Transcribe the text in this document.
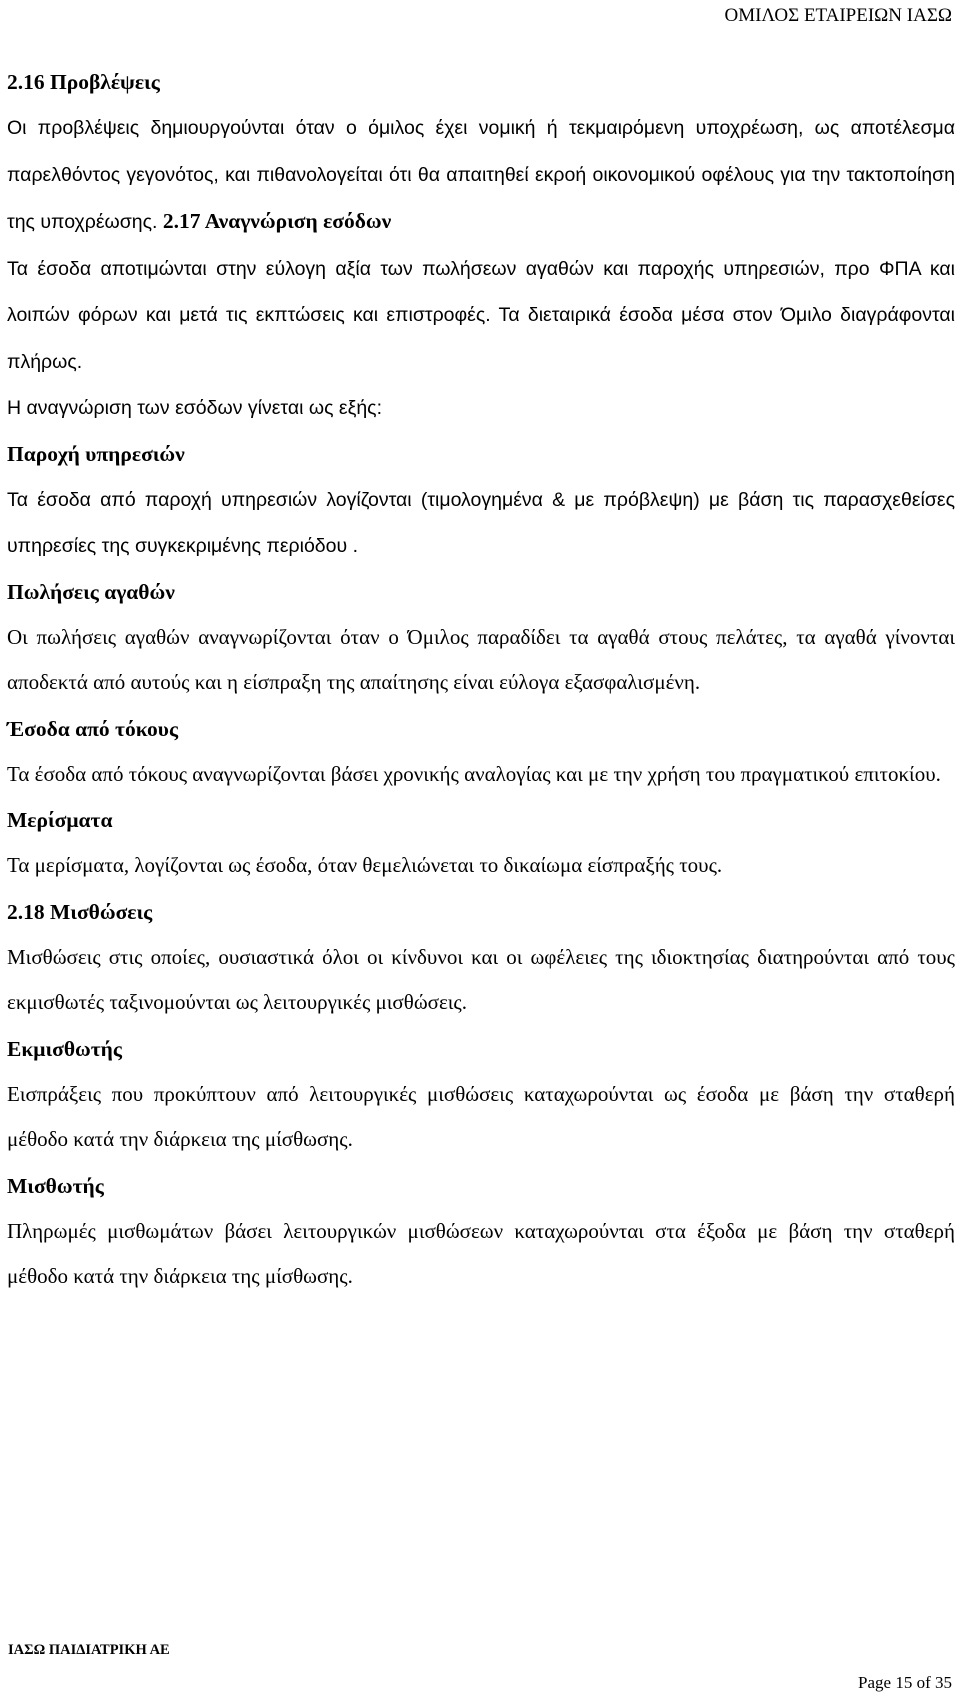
ΟΜΙΛΟΣ ΕΤΑΙΡΕΙΩΝ ΙΑΣΩ
2.16 Προβλέψεις
Οι προβλέψεις δημιουργούνται όταν ο όμιλος έχει νομική ή τεκμαιρόμενη υποχρέωση, ως αποτέλεσμα παρελθόντος γεγονότος, και πιθανολογείται ότι θα απαιτηθεί εκροή οικονομικού οφέλους για την τακτοποίηση της υποχρέωσης. 2.17 Αναγνώριση εσόδων
Τα έσοδα αποτιμώνται στην εύλογη αξία των πωλήσεων αγαθών και παροχής υπηρεσιών, προ ΦΠΑ και λοιπών φόρων και μετά τις εκπτώσεις και επιστροφές. Τα διεταιρικά έσοδα μέσα στον Όμιλο διαγράφονται πλήρως.
Η αναγνώριση των εσόδων γίνεται ως εξής:
Παροχή υπηρεσιών
Τα έσοδα από παροχή υπηρεσιών λογίζονται (τιμολογημένα & με πρόβλεψη) με βάση τις παρασχεθείσες υπηρεσίες της συγκεκριμένης περιόδου .
Πωλήσεις αγαθών
Οι πωλήσεις αγαθών αναγνωρίζονται όταν ο Όμιλος παραδίδει τα αγαθά στους πελάτες, τα αγαθά γίνονται αποδεκτά από αυτούς και η είσπραξη της απαίτησης είναι εύλογα εξασφαλισμένη.
Έσοδα από τόκους
Τα έσοδα από τόκους αναγνωρίζονται βάσει χρονικής αναλογίας και με την χρήση του πραγματικού επιτοκίου.
Μερίσματα
Τα μερίσματα, λογίζονται ως έσοδα, όταν θεμελιώνεται το δικαίωμα είσπραξής τους.
2.18 Μισθώσεις
Μισθώσεις στις οποίες, ουσιαστικά όλοι οι κίνδυνοι και οι ωφέλειες της ιδιοκτησίας διατηρούνται από τους εκμισθωτές ταξινομούνται ως λειτουργικές μισθώσεις.
Εκμισθωτής
Εισπράξεις που προκύπτουν από λειτουργικές μισθώσεις καταχωρούνται ως έσοδα με βάση την σταθερή μέθοδο κατά την διάρκεια της μίσθωσης.
Μισθωτής
Πληρωμές μισθωμάτων βάσει λειτουργικών μισθώσεων καταχωρούνται στα έξοδα με βάση την σταθερή μέθοδο κατά την διάρκεια της μίσθωσης.
ΙΑΣΩ ΠΑΙΔΙΑΤΡΙΚΗ ΑΕ
Page 15 of 35
